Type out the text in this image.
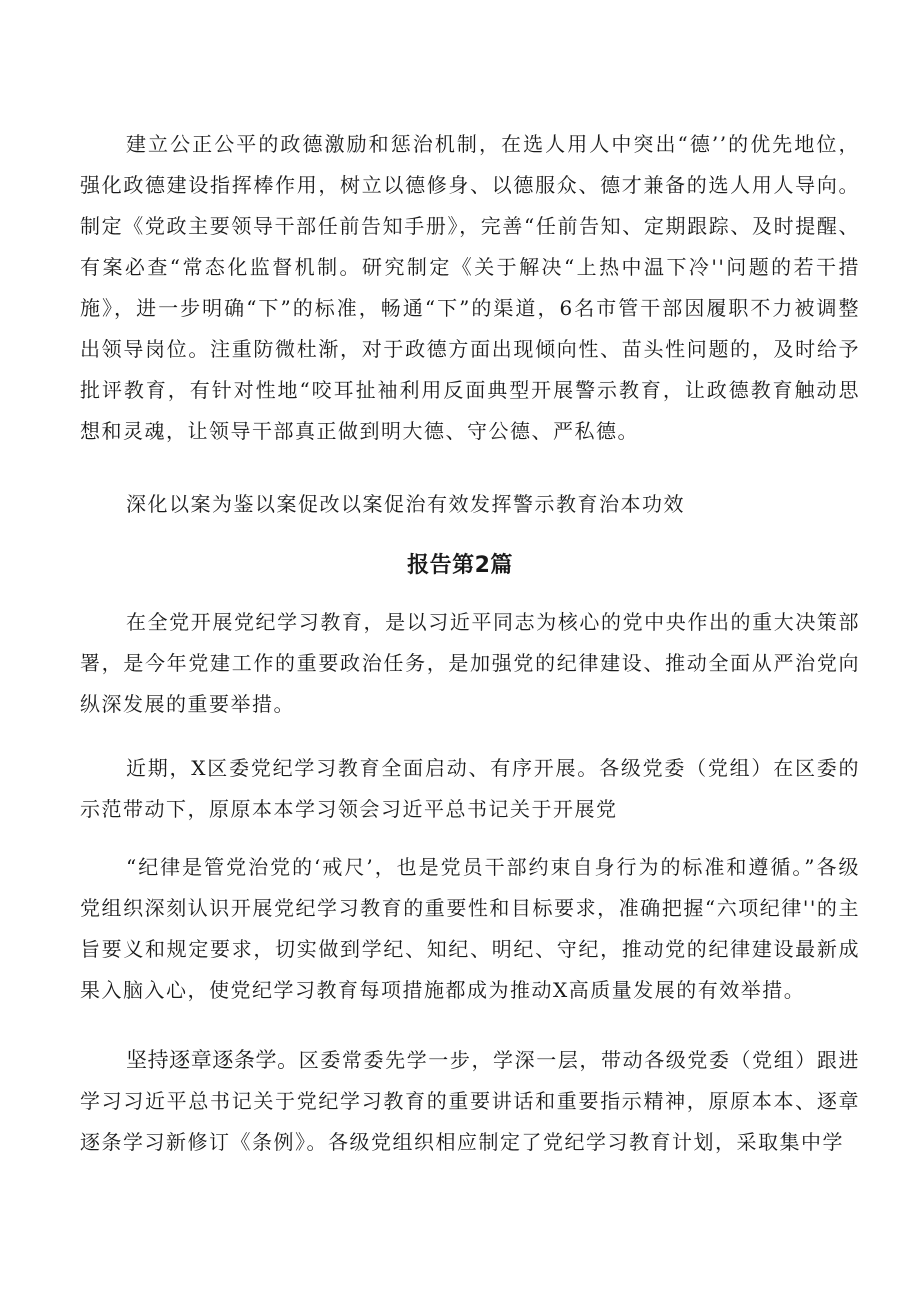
建立公正公平的政德激励和惩治机制，在选人用人中突出“德’’的优先地位，强化政德建设指挥棒作用，树立以德修身、以德服众、德才兼备的选人用人导向。制定《党政主要领导干部任前告知手册》，完善“任前告知、定期跟踪、及时提醒、有案必查“常态化监督机制。研究制定《关于解决“上热中温下冷''问题的若干措施》，进一步明确“下”的标准，畅通“下”的渠道，6名市管干部因履职不力被调整出领导岗位。注重防微杜渐，对于政德方面出现倾向性、苗头性问题的，及时给予批评教育，有针对性地“咬耳扯袖利用反面典型开展警示教育，让政德教育触动思想和灵魂，让领导干部真正做到明大德、守公德、严私德。

深化以案为鉴以案促改以案促治有效发挥警示教育治本功效

报告第2篇

在全党开展党纪学习教育，是以习近平同志为核心的党中央作出的重大决策部署，是今年党建工作的重要政治任务，是加强党的纪律建设、推动全面从严治党向纵深发展的重要举措。

近期，X区委党纪学习教育全面启动、有序开展。各级党委（党组）在区委的示范带动下，原原本本学习领会习近平总书记关于开展党

“纪律是管党治党的‘戒尺’，也是党员干部约束自身行为的标准和遵循。”各级党组织深刻认识开展党纪学习教育的重要性和目标要求，准确把握“六项纪律''的主旨要义和规定要求，切实做到学纪、知纪、明纪、守纪，推动党的纪律建设最新成果入脑入心，使党纪学习教育每项措施都成为推动X高质量发展的有效举措。

坚持逐章逐条学。区委常委先学一步，学深一层，带动各级党委（党组）跟进学习习近平总书记关于党纪学习教育的重要讲话和重要指示精神，原原本本、逐章逐条学习新修订《条例》。各级党组织相应制定了党纪学习教育计划，采取集中学
